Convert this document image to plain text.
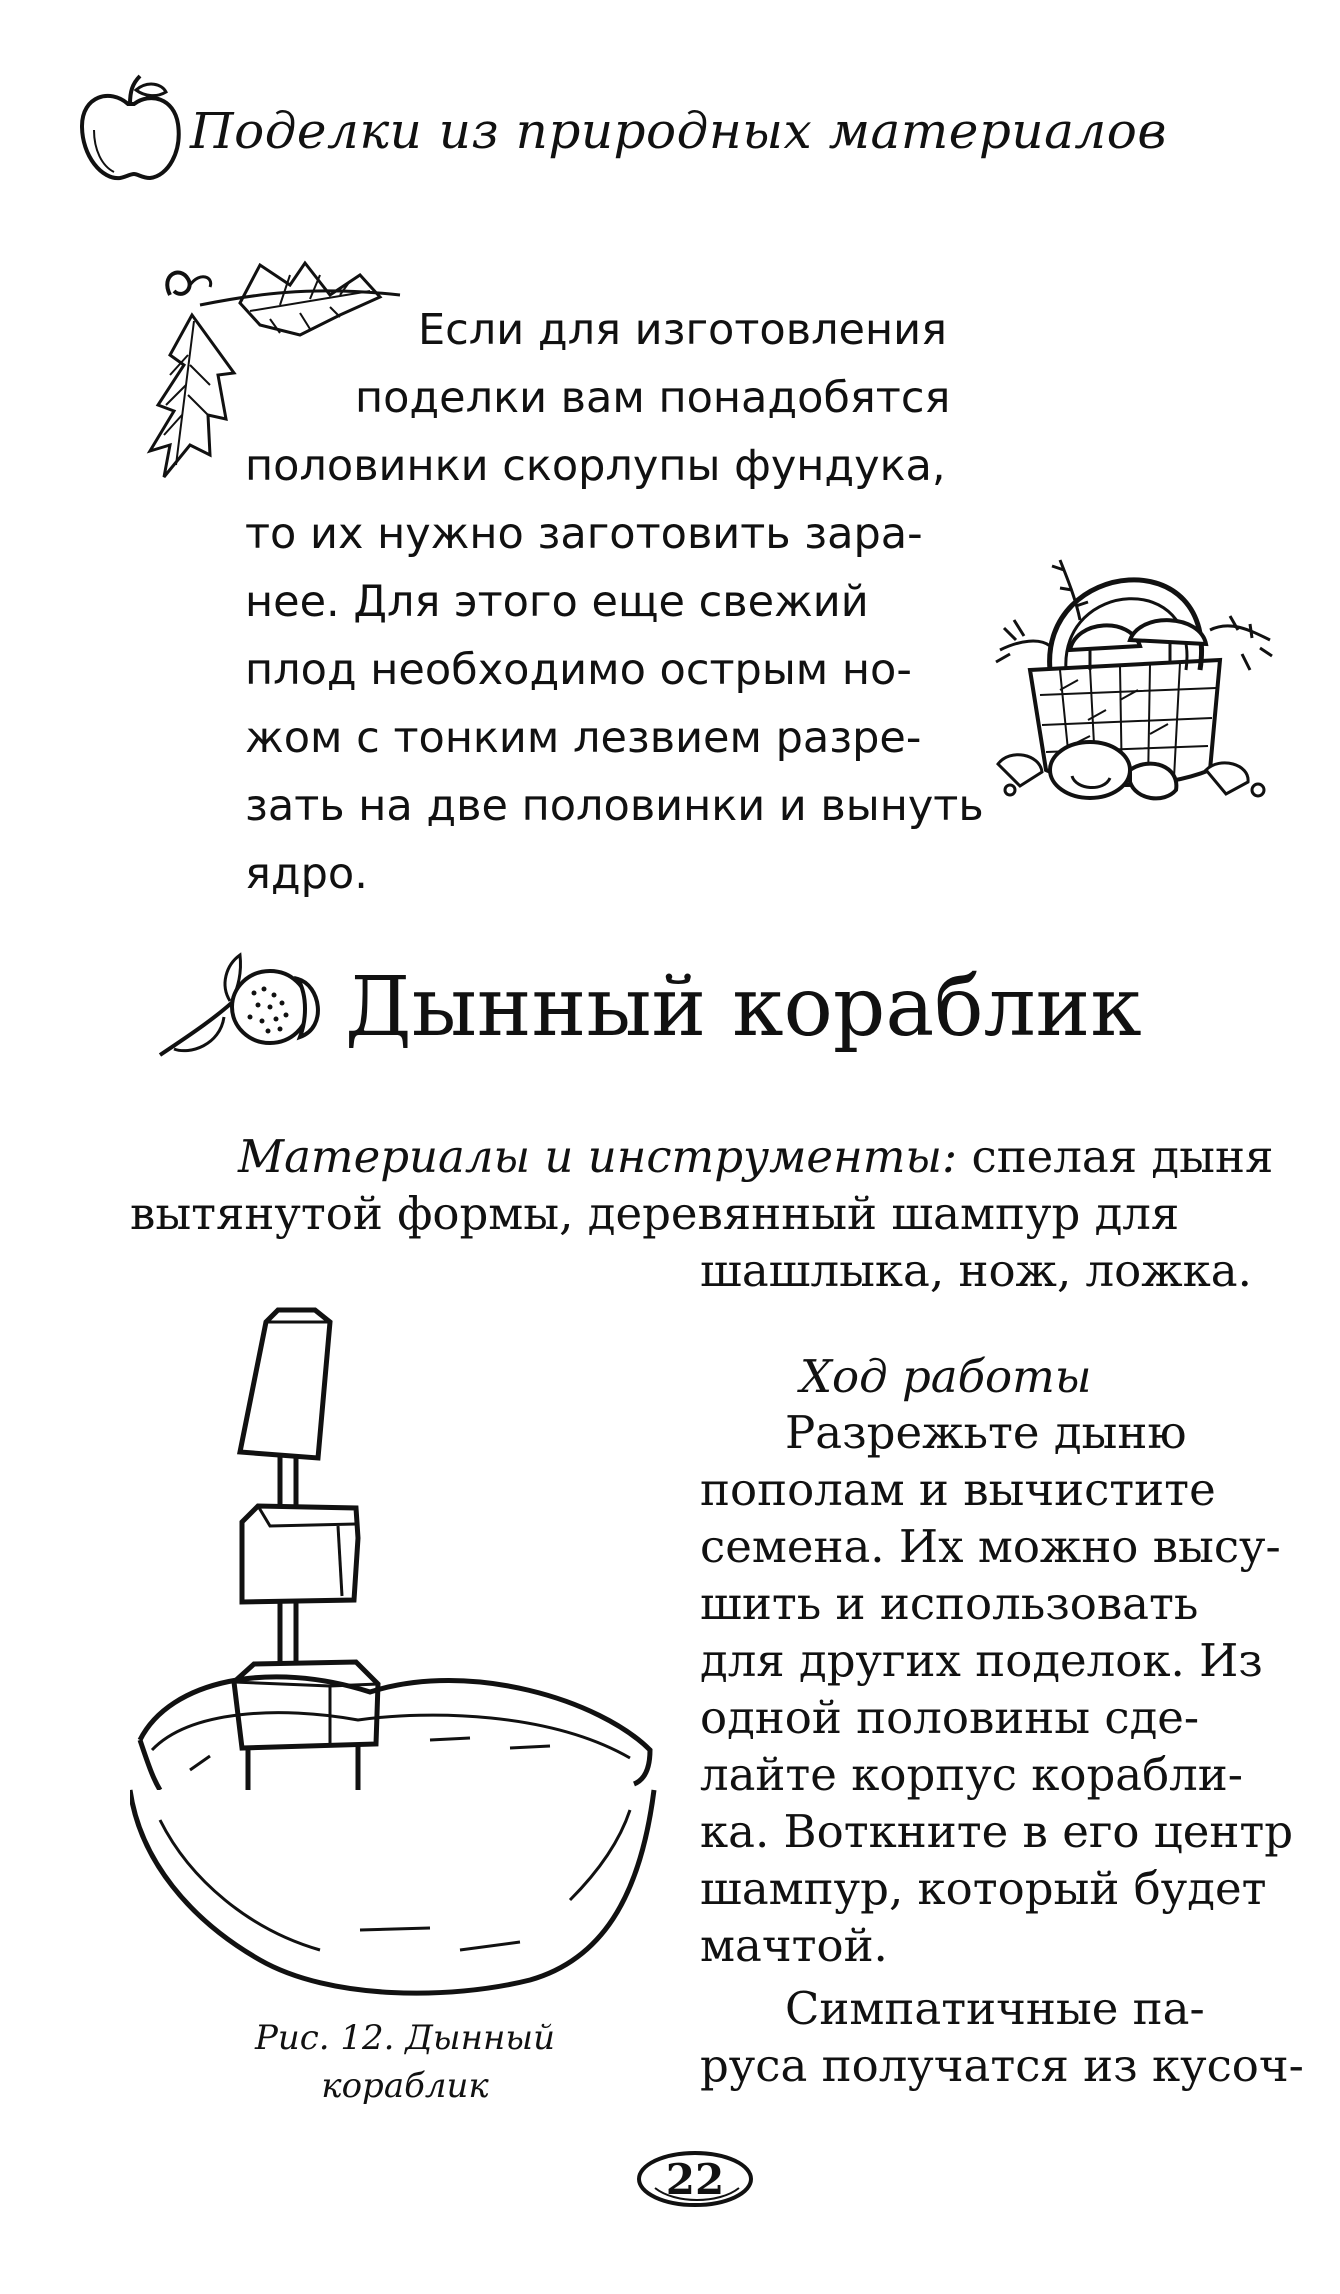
Поделки из природных материалов
Если для изготовления
поделки вам понадобятся
половинки скорлупы фундука,
то их нужно заготовить зара-
нее. Для этого еще свежий
плод необходимо острым но-
жом с тонким лезвием разре-
зать на две половинки и вынуть
ядро.
Дынный кораблик
Материалы и инструменты: спелая дыня
вытянутой формы, деревянный шампур для
шашлыка, нож, ложка.
Рис. 12. Дынный
кораблик
Ход работы
Разрежьте дыню
пополам и вычистите
семена. Их можно высу-
шить и использовать
для других поделок. Из
одной половины сде-
лайте корпус корабли-
ка. Воткните в его центр
шампур, который будет
мачтой.
Симпатичные па-
руса получатся из кусоч-
22
